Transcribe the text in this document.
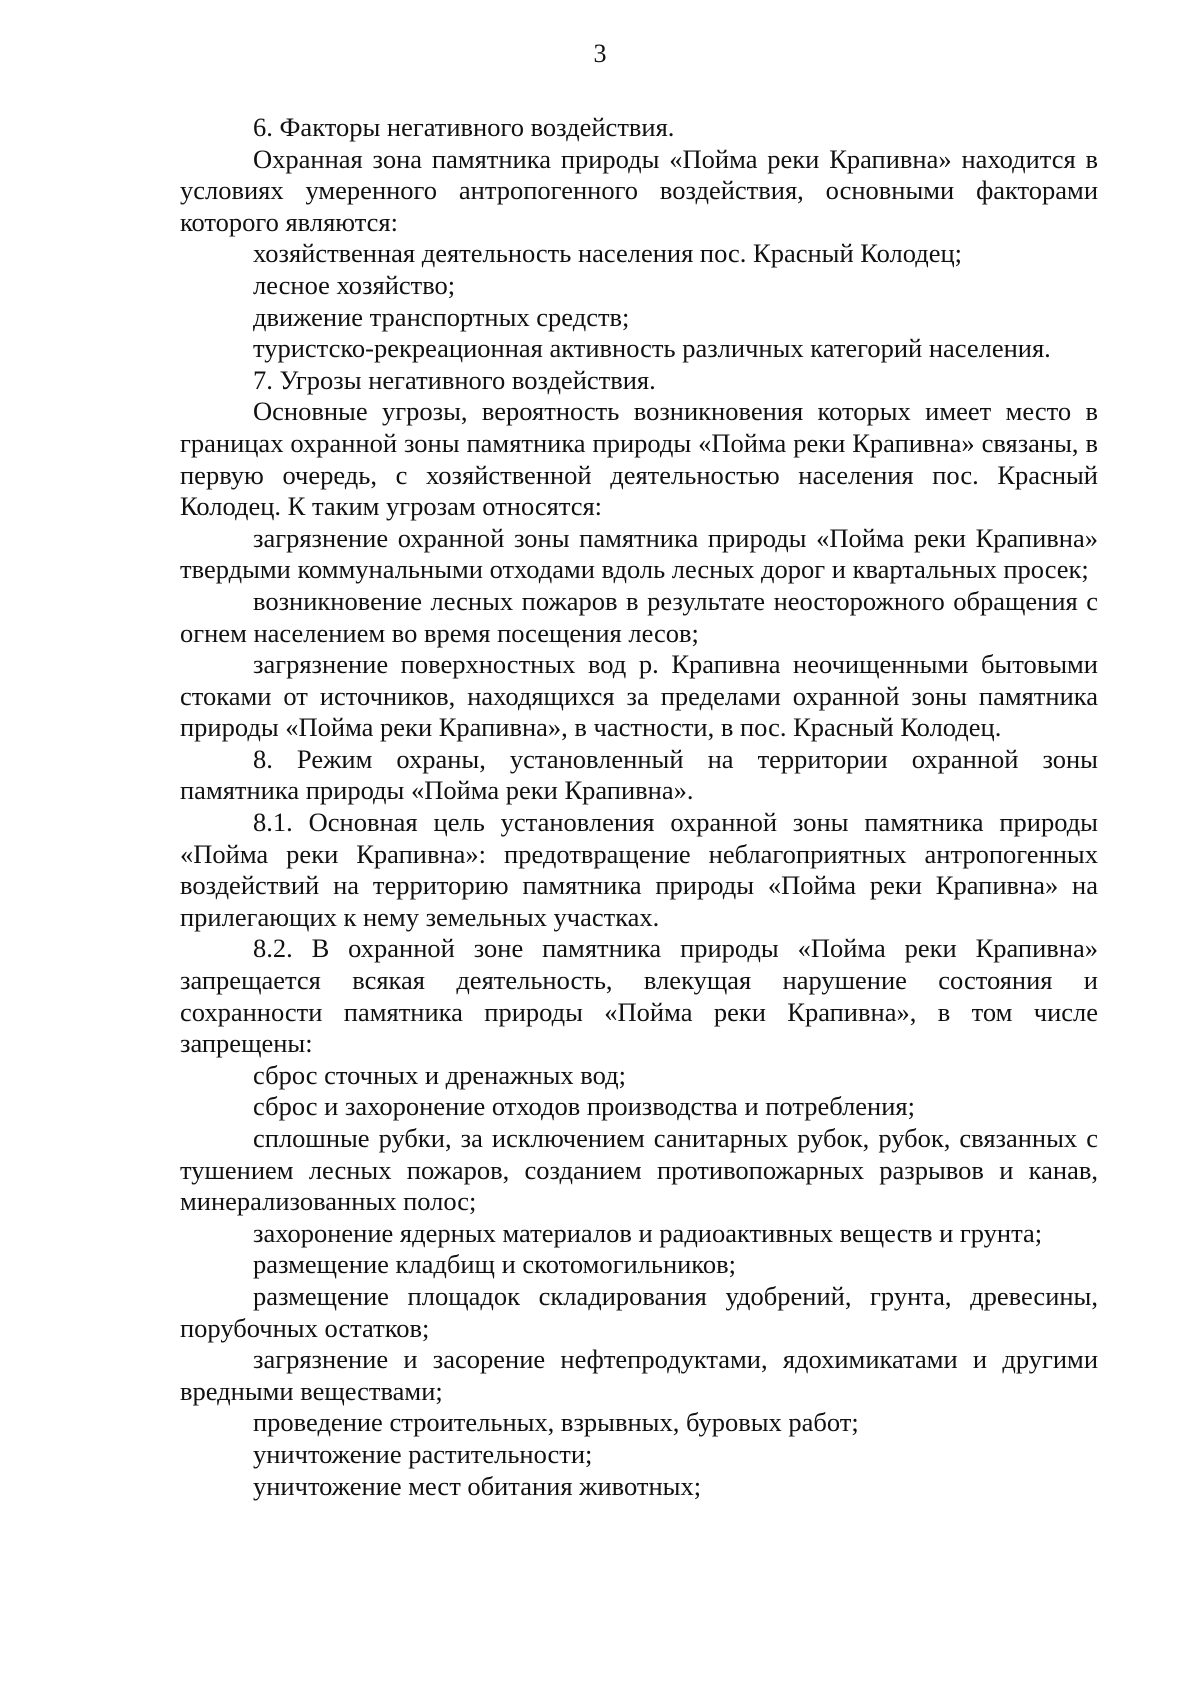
3

6. Факторы негативного воздействия.

Охранная зона памятника природы «Пойма реки Крапивна» находится в условиях умеренного антропогенного воздействия, основными факторами которого являются:

хозяйственная деятельность населения пос. Красный Колодец;

лесное хозяйство;

движение транспортных средств;

туристско-рекреационная активность различных категорий населения.

7. Угрозы негативного воздействия.

Основные угрозы, вероятность возникновения которых имеет место в границах охранной зоны памятника природы «Пойма реки Крапивна» связаны, в первую очередь, с хозяйственной деятельностью населения пос. Красный Колодец. К таким угрозам относятся:

загрязнение охранной зоны памятника природы «Пойма реки Крапивна» твердыми коммунальными отходами вдоль лесных дорог и квартальных просек;

возникновение лесных пожаров в результате неосторожного обращения с огнем населением во время посещения лесов;

загрязнение поверхностных вод р. Крапивна неочищенными бытовыми стоками от источников, находящихся за пределами охранной зоны памятника природы «Пойма реки Крапивна», в частности, в пос. Красный Колодец.

8. Режим охраны, установленный на территории охранной зоны памятника природы «Пойма реки Крапивна».

8.1. Основная цель установления охранной зоны памятника природы «Пойма реки Крапивна»: предотвращение неблагоприятных антропогенных воздействий на территорию памятника природы «Пойма реки Крапивна» на прилегающих к нему земельных участках.

8.2. В охранной зоне памятника природы «Пойма реки Крапивна» запрещается всякая деятельность, влекущая нарушение состояния и сохранности памятника природы «Пойма реки Крапивна», в том числе запрещены:

сброс сточных и дренажных вод;

сброс и захоронение отходов производства и потребления;

сплошные рубки, за исключением санитарных рубок, рубок, связанных с тушением лесных пожаров, созданием противопожарных разрывов и канав, минерализованных полос;

захоронение ядерных материалов и радиоактивных веществ и грунта;

размещение кладбищ и скотомогильников;

размещение площадок складирования удобрений, грунта, древесины, порубочных остатков;

загрязнение и засорение нефтепродуктами, ядохимикатами и другими вредными веществами;

проведение строительных, взрывных, буровых работ;

уничтожение растительности;

уничтожение мест обитания животных;
